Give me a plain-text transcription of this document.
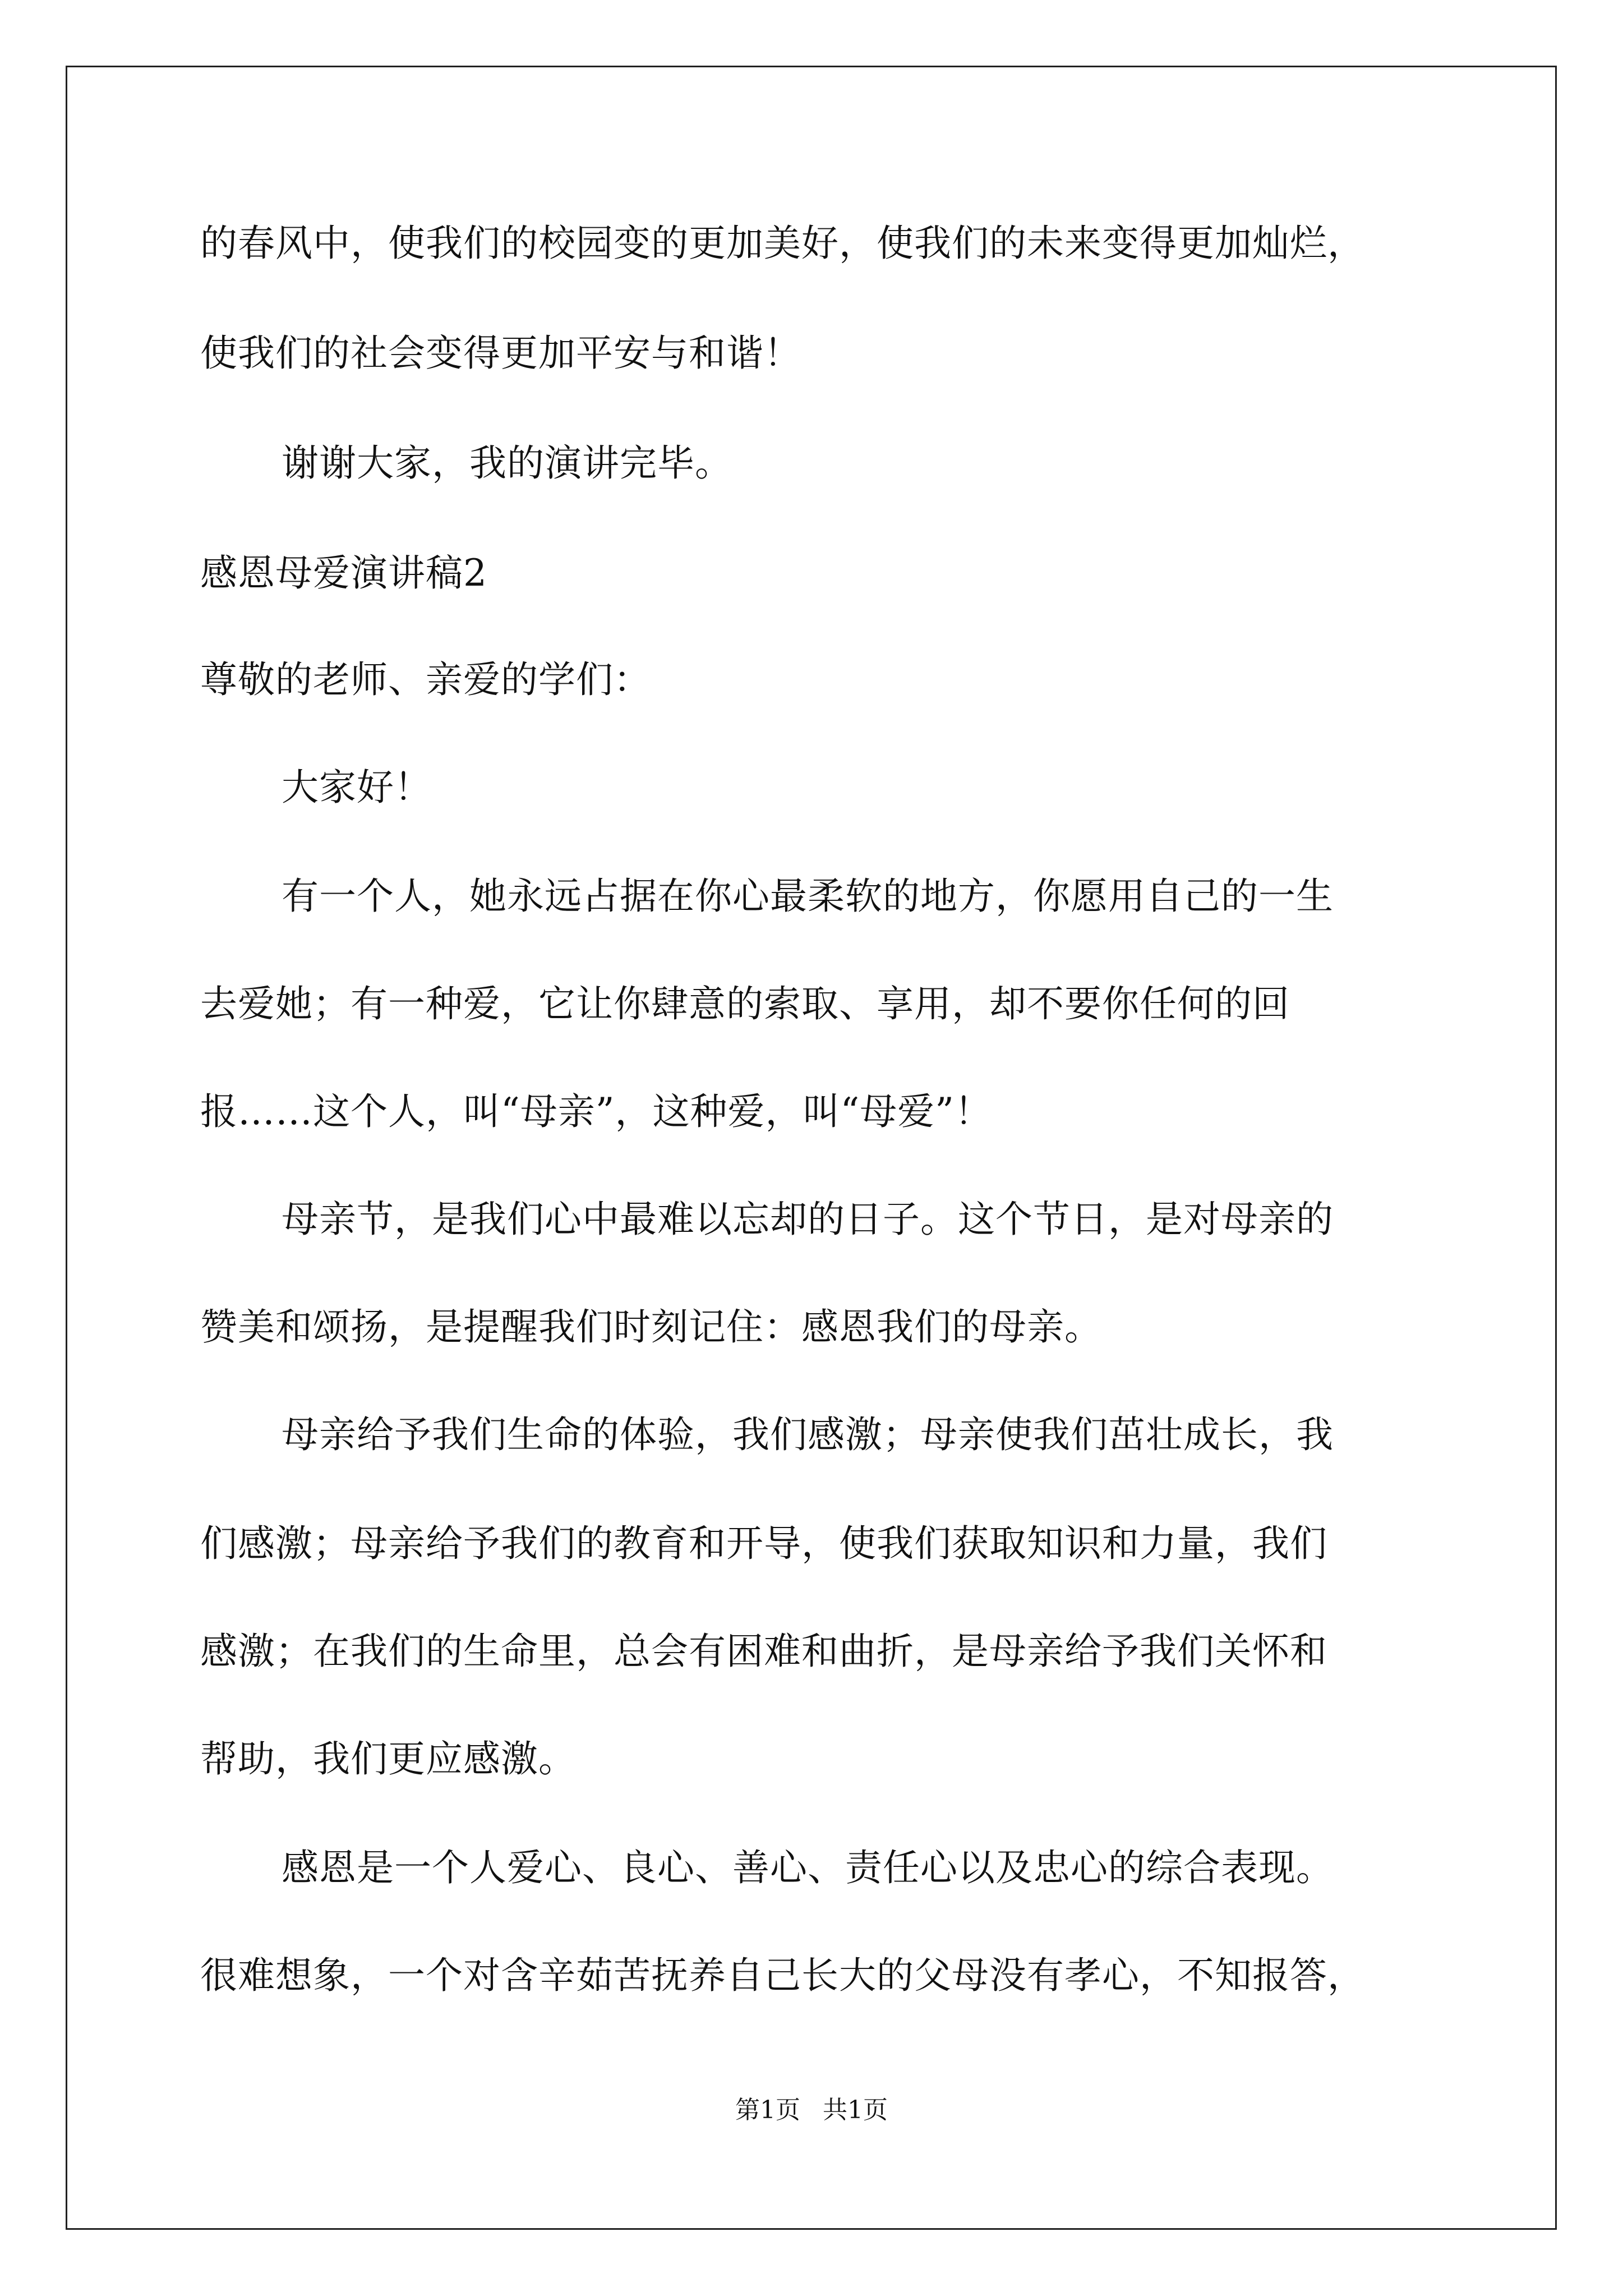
的春风中，使我们的校园变的更加美好，使我们的未来变得更加灿烂，
使我们的社会变得更加平安与和谐！
谢谢大家，我的演讲完毕。
感恩母爱演讲稿2
尊敬的老师、亲爱的学们：
大家好！
有一个人，她永远占据在你心最柔软的地方，你愿用自己的一生
去爱她；有一种爱，它让你肆意的索取、享用，却不要你任何的回
报……这个人，叫“母亲”，这种爱，叫“母爱”！
母亲节，是我们心中最难以忘却的日子。这个节日，是对母亲的
赞美和颂扬，是提醒我们时刻记住：感恩我们的母亲。
母亲给予我们生命的体验，我们感激；母亲使我们茁壮成长，我
们感激；母亲给予我们的教育和开导，使我们获取知识和力量，我们
感激；在我们的生命里，总会有困难和曲折，是母亲给予我们关怀和
帮助，我们更应感激。
感恩是一个人爱心、良心、善心、责任心以及忠心的综合表现。
很难想象，一个对含辛茹苦抚养自己长大的父母没有孝心，不知报答，
第1页 共1页
